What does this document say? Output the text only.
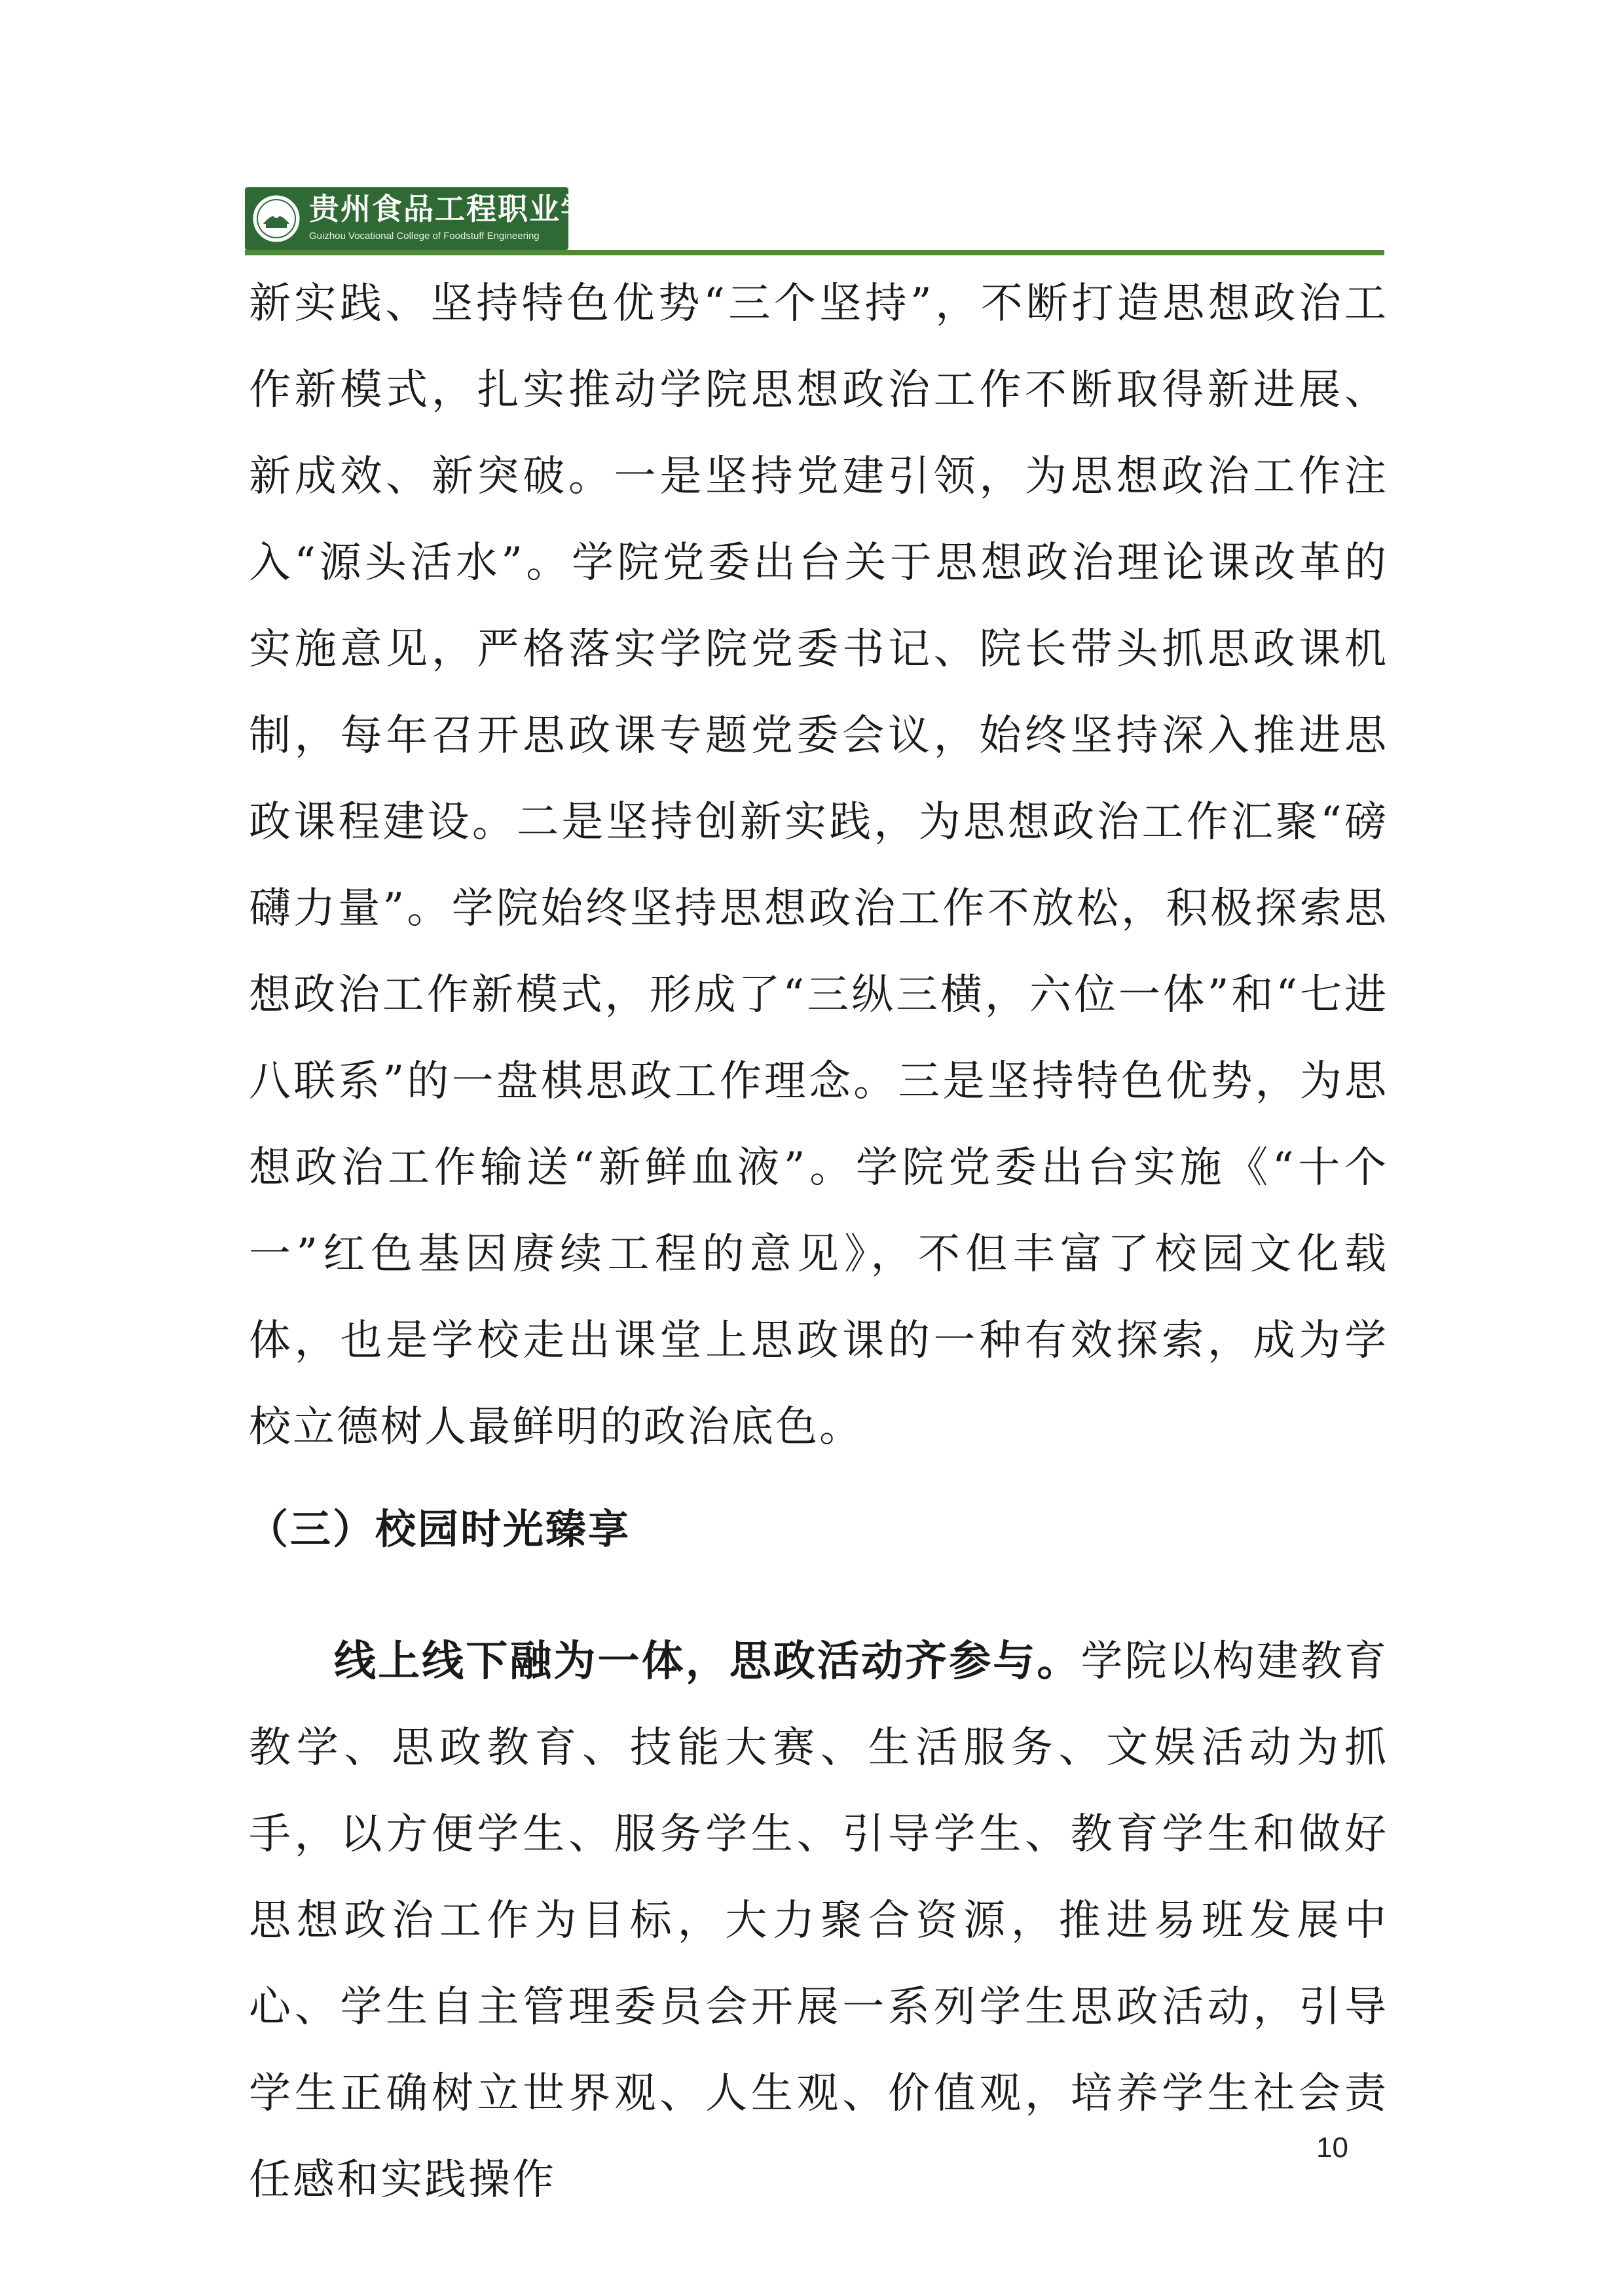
贵州食品工程职业学院
Guizhou Vocational College of Foodstuff Engineering

新实践、坚持特色优势“三个坚持”，不断打造思想政治工作新模式，扎实推动学院思想政治工作不断取得新进展、新成效、新突破。一是坚持党建引领，为思想政治工作注入“源头活水”。学院党委出台关于思想政治理论课改革的实施意见，严格落实学院党委书记、院长带头抓思政课机制，每年召开思政课专题党委会议，始终坚持深入推进思政课程建设。二是坚持创新实践，为思想政治工作汇聚“磅礴力量”。学院始终坚持思想政治工作不放松，积极探索思想政治工作新模式，形成了“三纵三横，六位一体”和“七进八联系”的一盘棋思政工作理念。三是坚持特色优势，为思想政治工作输送“新鲜血液”。学院党委出台实施《“十个一”红色基因赓续工程的意见》，不但丰富了校园文化载体，也是学校走出课堂上思政课的一种有效探索，成为学校立德树人最鲜明的政治底色。

（三）校园时光臻享

线上线下融为一体，思政活动齐参与。学院以构建教育教学、思政教育、技能大赛、生活服务、文娱活动为抓手，以方便学生、服务学生、引导学生、教育学生和做好思想政治工作为目标，大力聚合资源，推进易班发展中心、学生自主管理委员会开展一系列学生思政活动，引导学生正确树立世界观、人生观、价值观，培养学生社会责任感和实践操作

10
